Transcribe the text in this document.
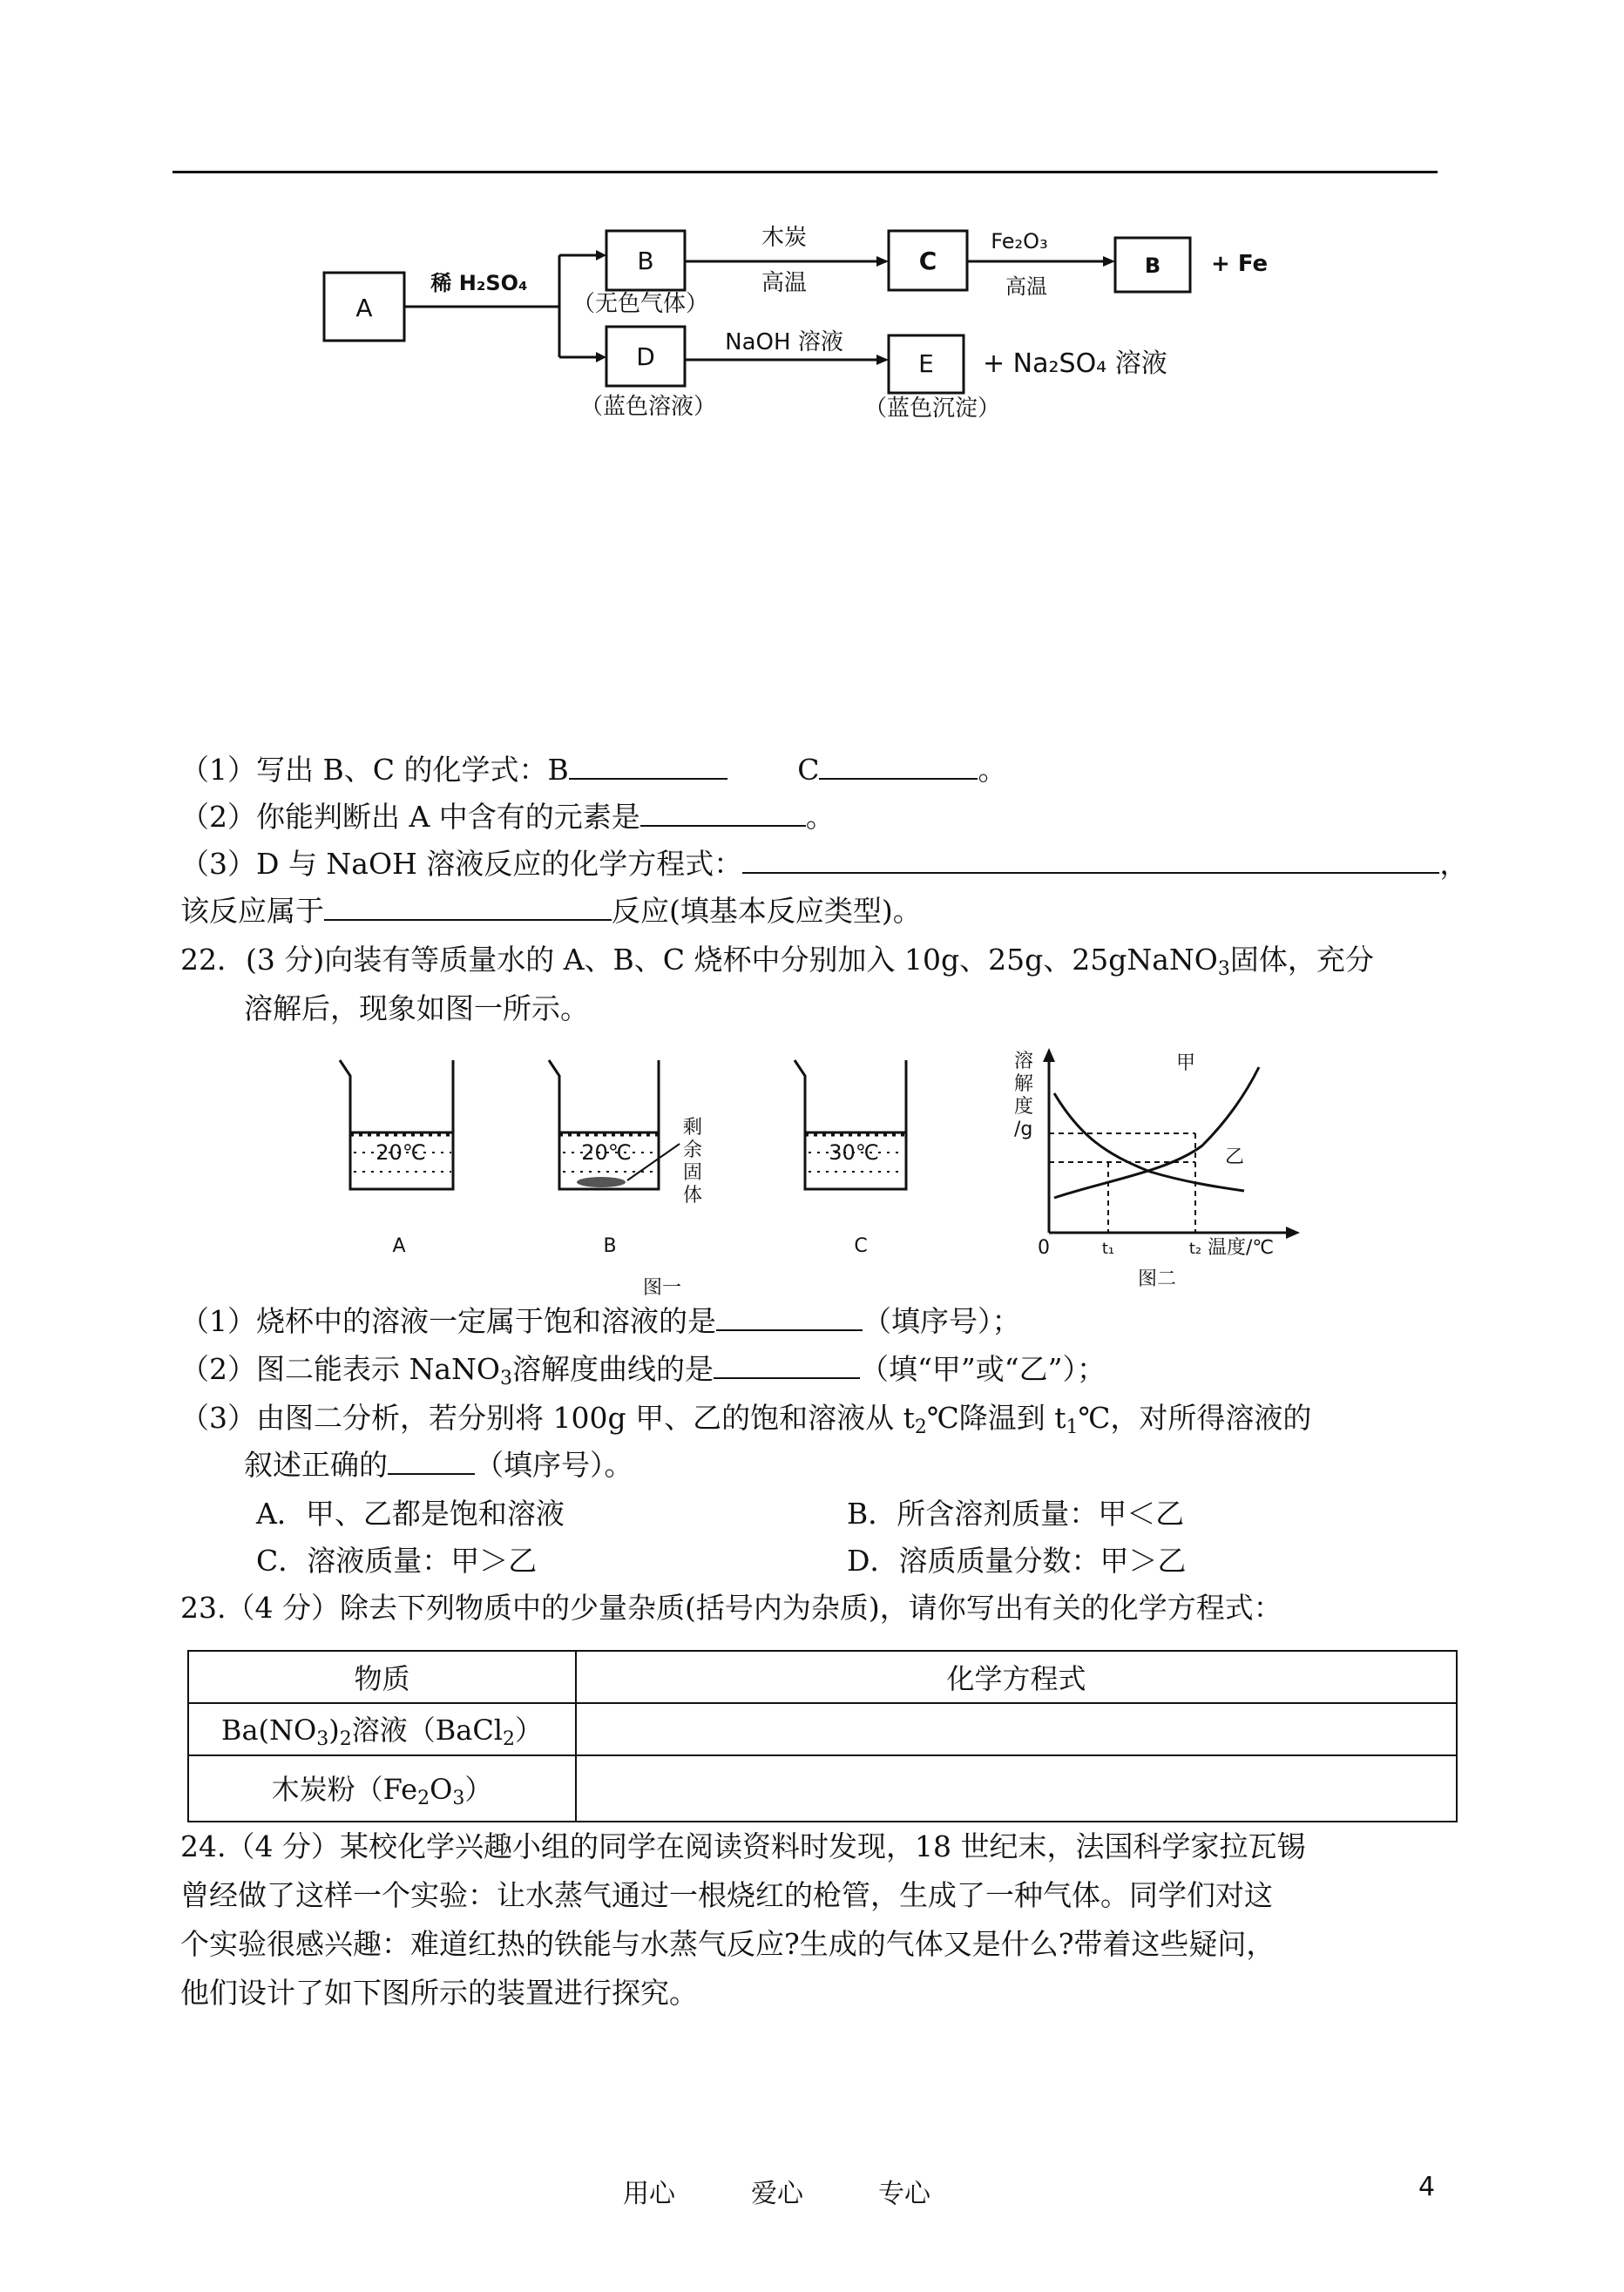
A
稀 H₂SO₄
B
（无色气体）
木炭
高温
C
Fe₂O₃
高温
B + Fe
D
（蓝色溶液）
NaOH 溶液
E
（蓝色沉淀）
+ Na₂SO₄ 溶液
（1）写出 B、C 的化学式：B	C	。
（2）你能判断出 A 中含有的元素是	。
（3）D 与 NaOH 溶液反应的化学方程式：	，
该反应属于	反应(填基本反应类型)。
22．(3 分)向装有等质量水的 A、B、C 烧杯中分别加入 10g、25g、25gNaNO$_3$固体，充分
溶解后，现象如图一所示。
20℃
A
20℃
B
剩
余
固
体
30℃
C
图一
溶
解
度
/g
甲
乙
0	t₁	t₂ 温度/℃
图二
（1）烧杯中的溶液一定属于饱和溶液的是	（填序号）；
（2）图二能表示 NaNO$_3$溶解度曲线的是	（填“甲”或“乙”）；
（3）由图二分析，若分别将 100g 甲、乙的饱和溶液从 $t_2℃$降温到 $t_1℃$，对所得溶液的
叙述正确的	（填序号）。
A．甲、乙都是饱和溶液	B．所含溶剂质量：甲＜乙
C．溶液质量：甲＞乙	D．溶质质量分数：甲＞乙
23.（4 分）除去下列物质中的少量杂质(括号内为杂质)，请你写出有关的化学方程式：
物质	化学方程式
$Ba(NO_3)_2$溶液（BaCl$_2$）	
木炭粉$(Fe_2O_3)$	
24.（4 分）某校化学兴趣小组的同学在阅读资料时发现，18 世纪末，法国科学家拉瓦锡
曾经做了这样一个实验：让水蒸气通过一根烧红的枪管，生成了一种气体。同学们对这
个实验很感兴趣：难道红热的铁能与水蒸气反应?生成的气体又是什么?带着这些疑问，
他们设计了如下图所示的装置进行探究。
用心	爱心	专心	4
